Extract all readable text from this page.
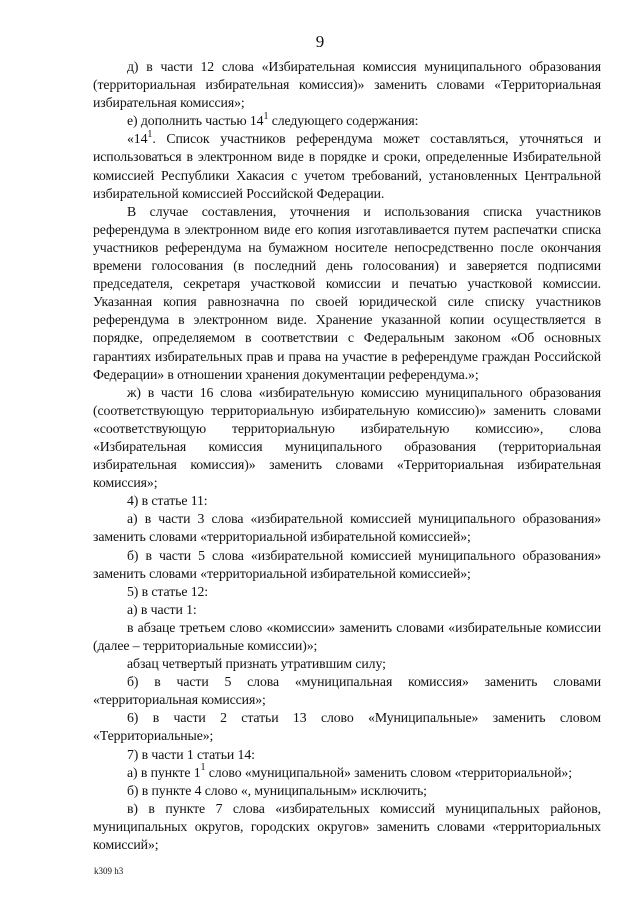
9

д) в части 12 слова «Избирательная комиссия муниципального образования (территориальная избирательная комиссия)» заменить словами «Территориальная избирательная комиссия»;

е) дополнить частью $14^1$ следующего содержания:

«$14^1$. Список участников референдума может составляться, уточняться и использоваться в электронном виде в порядке и сроки, определенные Избирательной комиссией Республики Хакасия с учетом требований, установленных Центральной избирательной комиссией Российской Федерации.

В случае составления, уточнения и использования списка участников референдума в электронном виде его копия изготавливается путем распечатки списка участников референдума на бумажном носителе непосредственно после окончания времени голосования (в последний день голосования) и заверяется подписями председателя, секретаря участковой комиссии и печатью участковой комиссии. Указанная копия равнозначна по своей юридической силе списку участников референдума в электронном виде. Хранение указанной копии осуществляется в порядке, определяемом в соответствии с Федеральным законом «Об основных гарантиях избирательных прав и права на участие в референдуме граждан Российской Федерации» в отношении хранения документации референдума.»;

ж) в части 16 слова «избирательную комиссию муниципального образования (соответствующую территориальную избирательную комиссию)» заменить словами «соответствующую территориальную избирательную комиссию», слова «Избирательная комиссия муниципального образования (территориальная избирательная комиссия)» заменить словами «Территориальная избирательная комиссия»;

4) в статье 11:

а) в части 3 слова «избирательной комиссией муниципального образования» заменить словами «территориальной избирательной комиссией»;

б) в части 5 слова «избирательной комиссией муниципального образования» заменить словами «территориальной избирательной комиссией»;

5) в статье 12:

а) в части 1:

в абзаце третьем слово «комиссии» заменить словами «избирательные комиссии (далее – территориальные комиссии)»;

абзац четвертый признать утратившим силу;

б) в части 5 слова «муниципальная комиссия» заменить словами «территориальная комиссия»;

6) в части 2 статьи 13 слово «Муниципальные» заменить словом «Территориальные»;

7) в части 1 статьи 14:

а) в пункте $1^1$ слово «муниципальной» заменить словом «территориальной»;

б) в пункте 4 слово «, муниципальным» исключить;

в) в пункте 7 слова «избирательных комиссий муниципальных районов, муниципальных округов, городских округов» заменить словами «территориальных комиссий»;

k309 h3
